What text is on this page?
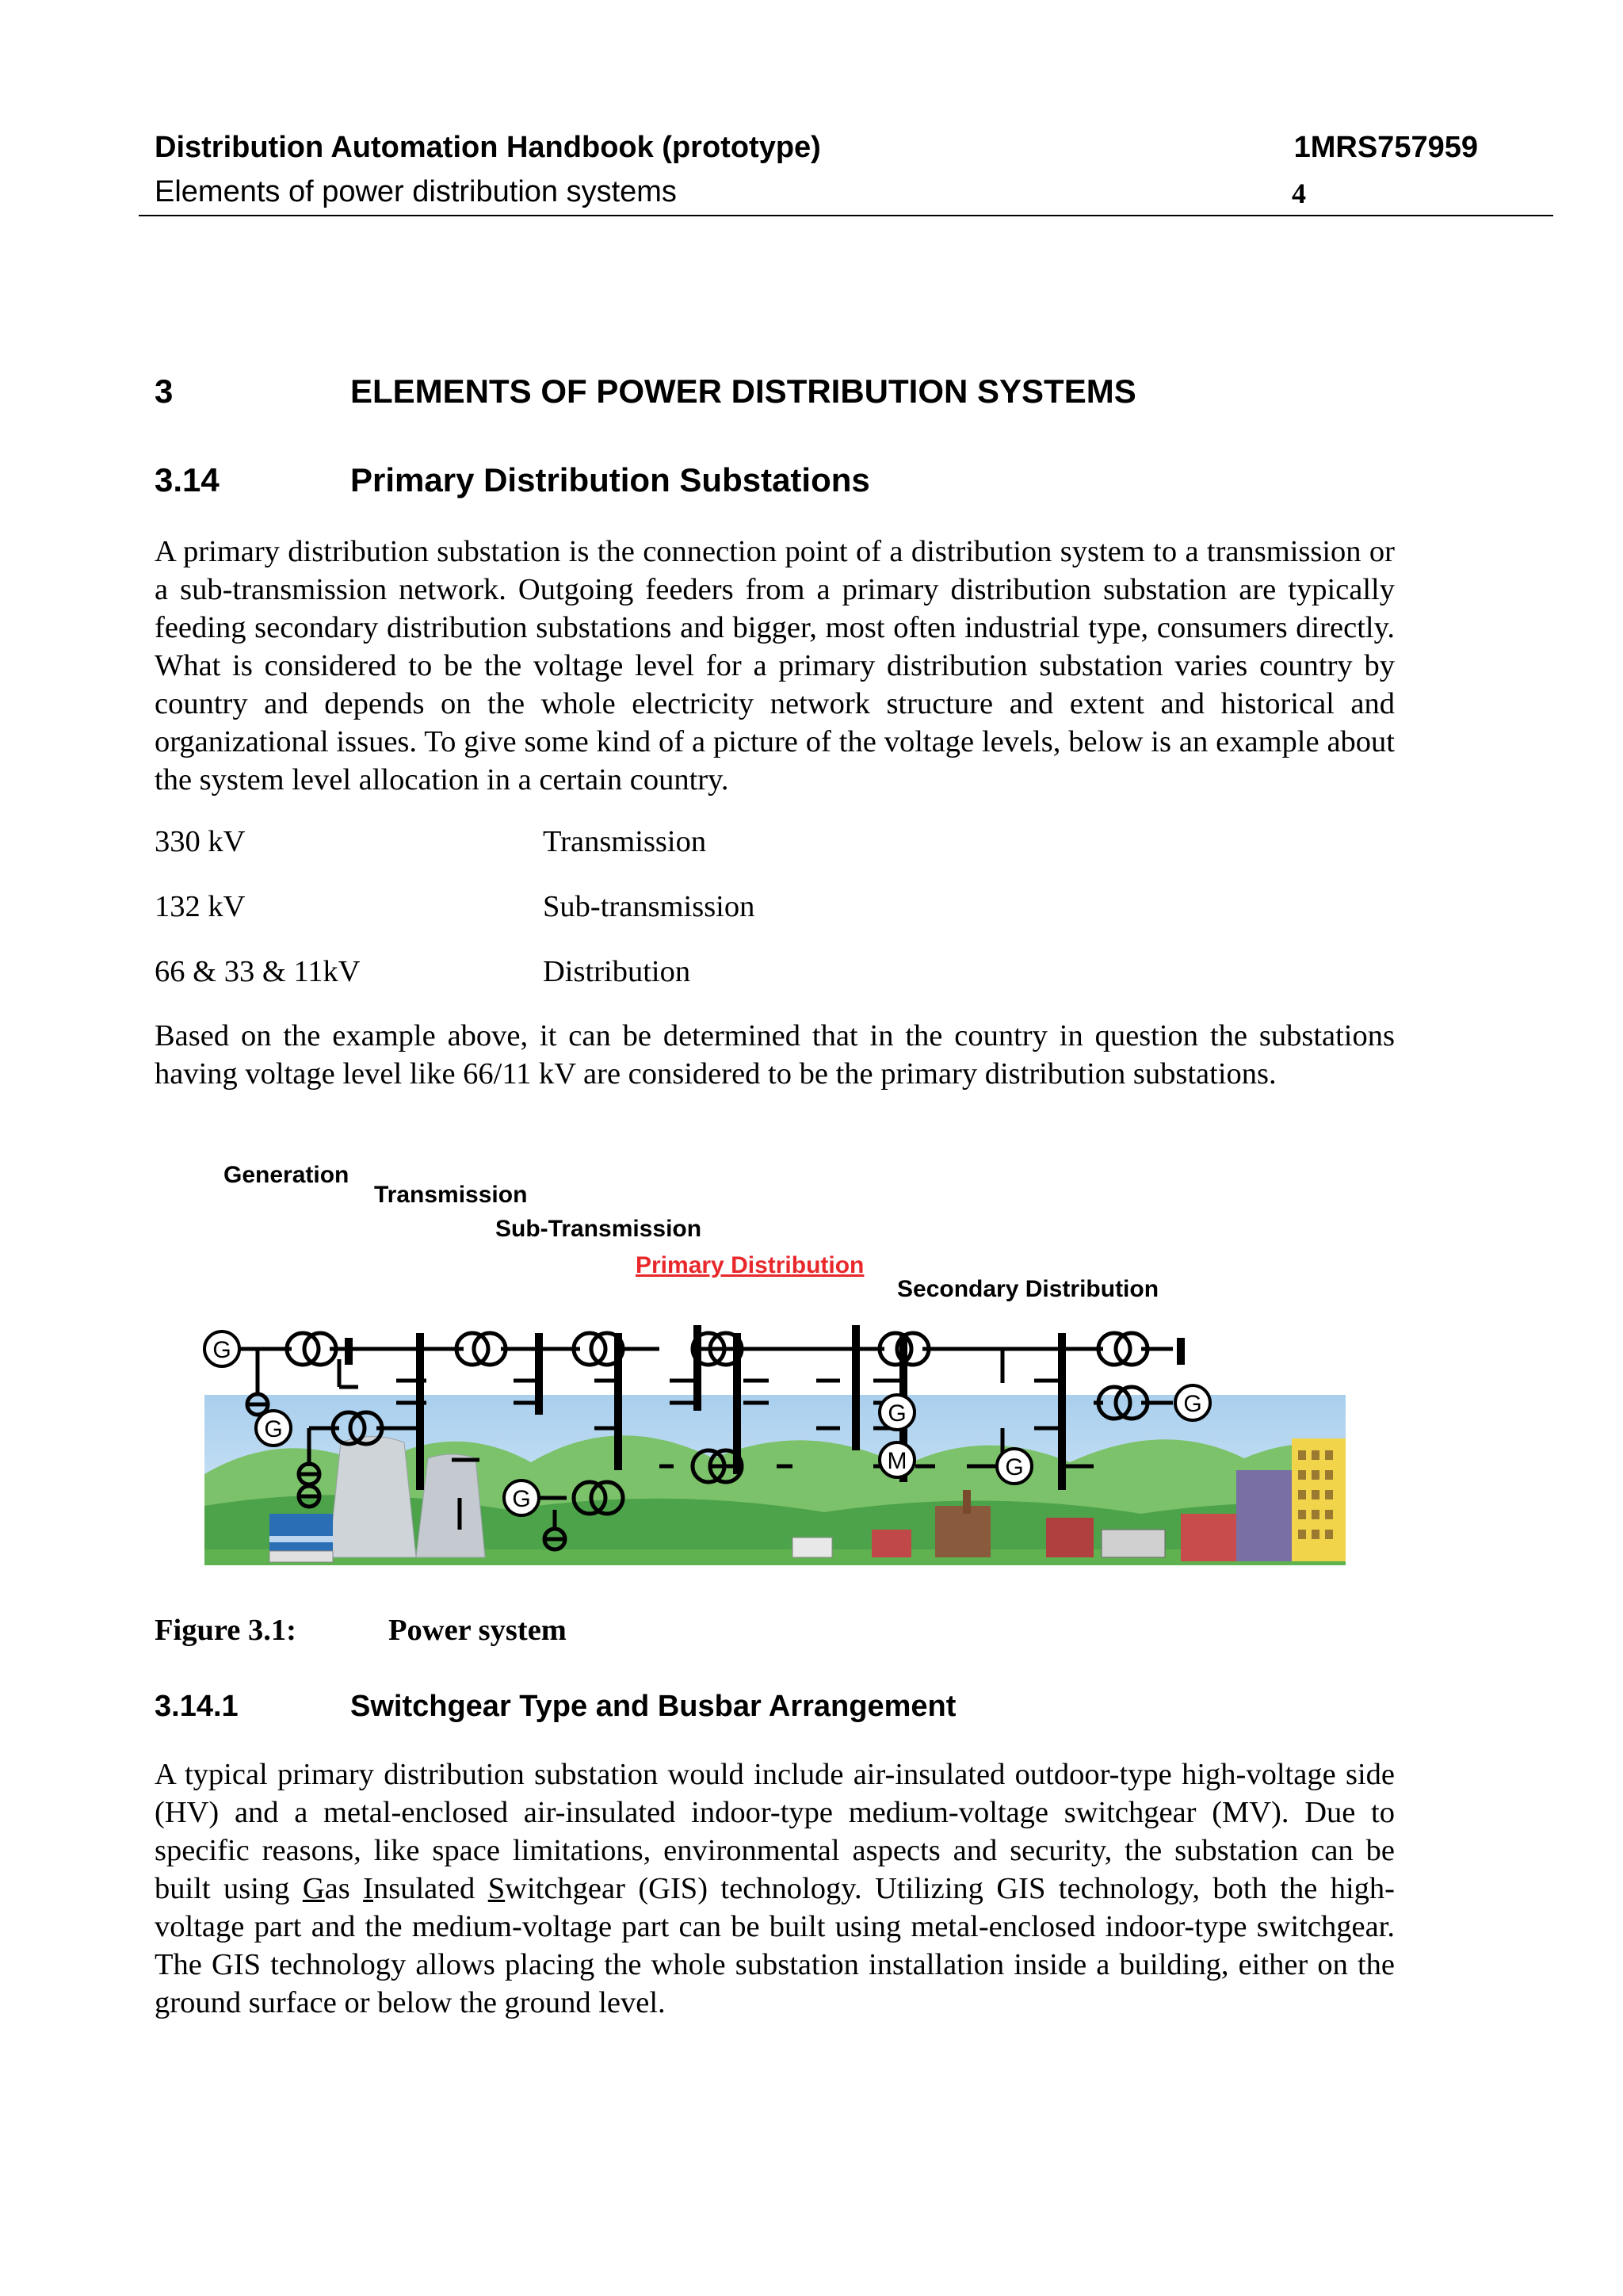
Distribution Automation Handbook (prototype)	1MRS757959
Elements of power distribution systems	4
3	ELEMENTS OF POWER DISTRIBUTION SYSTEMS
3.14	Primary Distribution Substations

A primary distribution substation is the connection point of a distribution system to a transmission or a sub-transmission network. Outgoing feeders from a primary distribution substation are typically feeding secondary distribution substations and bigger, most often industrial type, consumers directly. What is considered to be the voltage level for a primary distribution substation varies country by country and depends on the whole electricity network structure and extent and historical and organizational issues. To give some kind of a picture of the voltage levels, below is an example about the system level allocation in a certain country.

330 kV	Transmission
132 kV	Sub-transmission
66 & 33 & 11kV	Distribution

Based on the example above, it can be determined that in the country in question the substations having voltage level like 66/11 kV are considered to be the primary distribution substations.

G
G
G
G
M	G
G
Generation
Transmission
Sub-Transmission
Primary Distribution
Secondary Distribution
Figure 3.1:	Power system
3.14.1	Switchgear Type and Busbar Arrangement

A typical primary distribution substation would include air-insulated outdoor-type high-voltage side (HV) and a metal-enclosed air-insulated indoor-type medium-voltage switchgear (MV). Due to specific reasons, like space limitations, environmental aspects and security, the substation can be built using Gas Insulated Switchgear (GIS) technology. Utilizing GIS technology, both the high-voltage part and the medium-voltage part can be built using metal-enclosed indoor-type switchgear. The GIS technology allows placing the whole substation installation inside a building, either on the ground surface or below the ground level.
